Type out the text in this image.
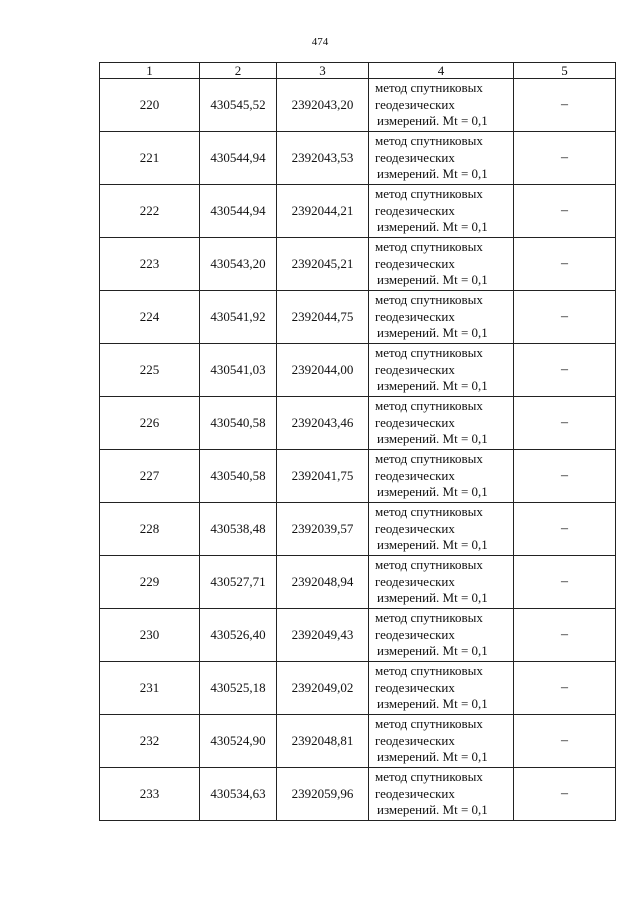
474
1	2	3	4	5
220	430545,52	2392043,20	метод спутниковых
геодезических
измерений. Mt = 0,1	–
221	430544,94	2392043,53	метод спутниковых
геодезических
измерений. Mt = 0,1	–
222	430544,94	2392044,21	метод спутниковых
геодезических
измерений. Mt = 0,1	–
223	430543,20	2392045,21	метод спутниковых
геодезических
измерений. Mt = 0,1	–
224	430541,92	2392044,75	метод спутниковых
геодезических
измерений. Mt = 0,1	–
225	430541,03	2392044,00	метод спутниковых
геодезических
измерений. Mt = 0,1	–
226	430540,58	2392043,46	метод спутниковых
геодезических
измерений. Mt = 0,1	–
227	430540,58	2392041,75	метод спутниковых
геодезических
измерений. Mt = 0,1	–
228	430538,48	2392039,57	метод спутниковых
геодезических
измерений. Mt = 0,1	–
229	430527,71	2392048,94	метод спутниковых
геодезических
измерений. Mt = 0,1	–
230	430526,40	2392049,43	метод спутниковых
геодезических
измерений. Mt = 0,1	–
231	430525,18	2392049,02	метод спутниковых
геодезических
измерений. Mt = 0,1	–
232	430524,90	2392048,81	метод спутниковых
геодезических
измерений. Mt = 0,1	–
233	430534,63	2392059,96	метод спутниковых
геодезических
измерений. Mt = 0,1	–
